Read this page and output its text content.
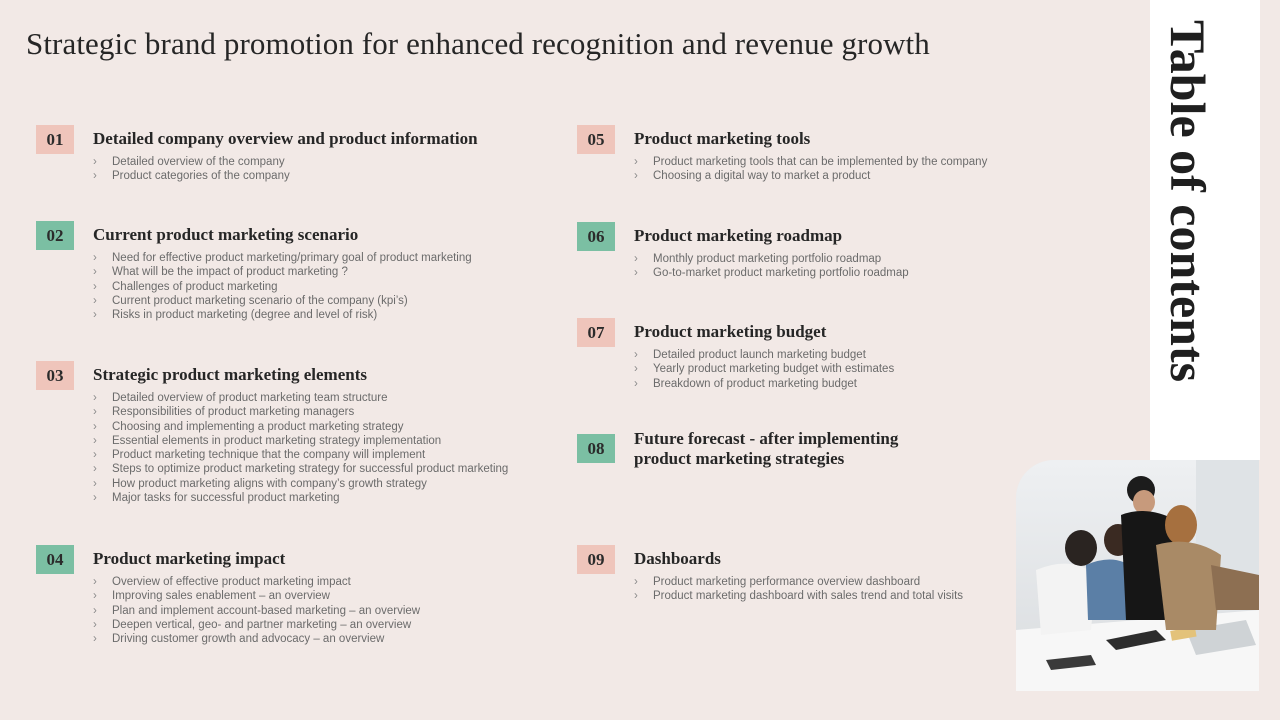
Strategic brand promotion for enhanced recognition and revenue growth	Table of contents
01	Detailed company overview and product information
› Detailed overview of the company
› Product categories of the company
02	Current product marketing scenario
› Need for effective product marketing/primary goal of product marketing
› What will be the impact of product marketing ?
› Challenges of product marketing
› Current product marketing scenario of the company (kpi’s)
› Risks in product marketing (degree and level of risk)
03	Strategic product marketing elements
› Detailed overview of product marketing team structure
› Responsibilities of product marketing managers
› Choosing and implementing a product marketing strategy
› Essential elements in product marketing strategy implementation
› Product marketing technique that the company will implement
› Steps to optimize product marketing strategy for successful product marketing
› How product marketing aligns with company’s growth strategy
› Major tasks for successful product marketing
04	Product marketing impact
› Overview of effective product marketing impact
› Improving sales enablement – an overview
› Plan and implement account-based marketing – an overview
› Deepen vertical, geo- and partner marketing – an overview
› Driving customer growth and advocacy – an overview
05	Product marketing tools
› Product marketing tools that can be implemented by the company
› Choosing a digital way to market a product
06	Product marketing roadmap
› Monthly product marketing portfolio roadmap
› Go-to-market product marketing portfolio roadmap
07	Product marketing budget
› Detailed product launch marketing budget
› Yearly product marketing budget with estimates
› Breakdown of product marketing budget
08	Future forecast - after implementing
product marketing strategies
09	Dashboards
› Product marketing performance overview dashboard
› Product marketing dashboard with sales trend and total visits
